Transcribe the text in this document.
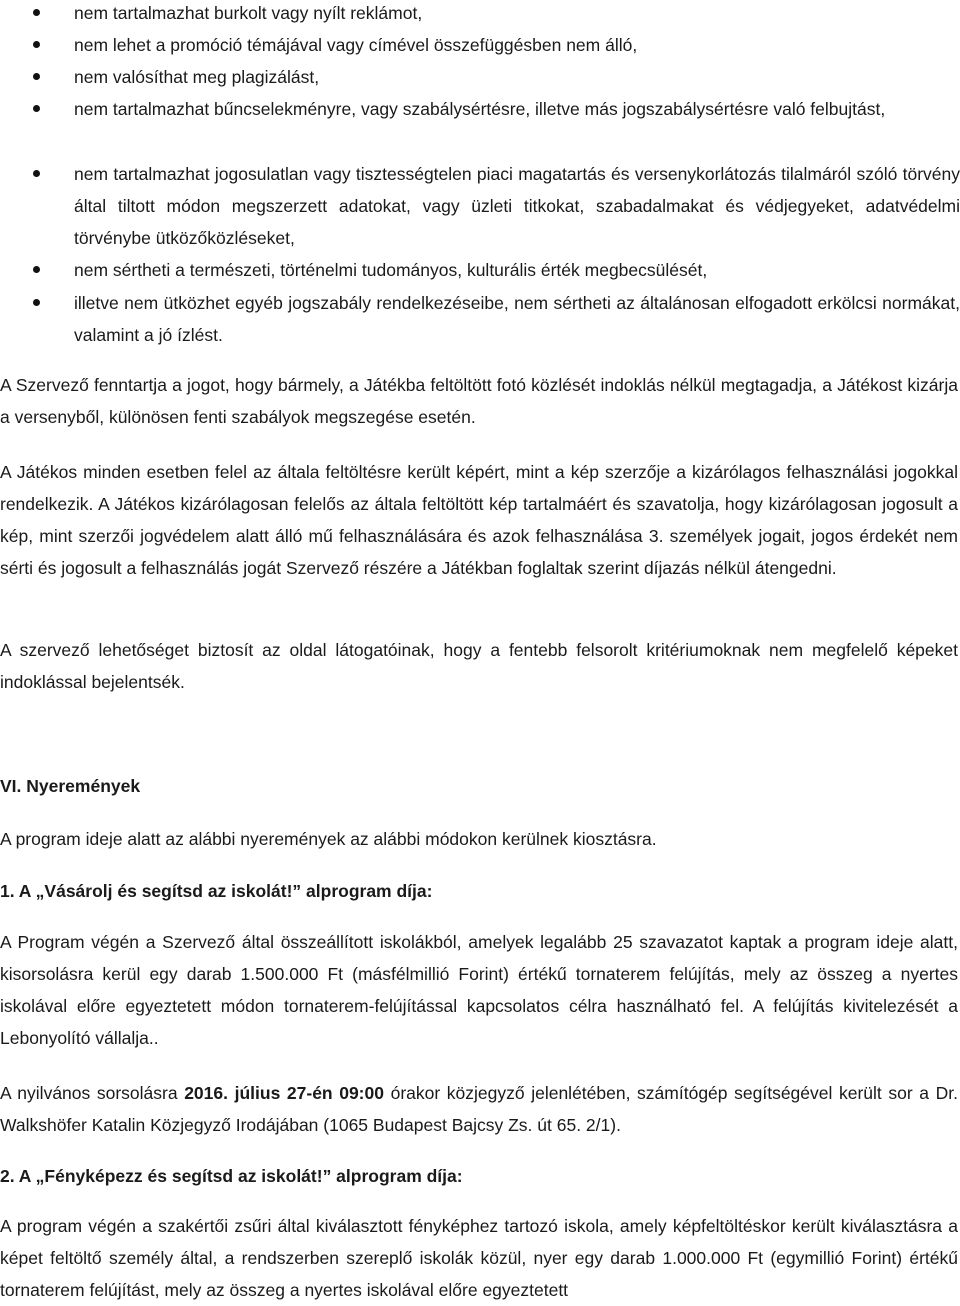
nem tartalmazhat burkolt vagy nyílt reklámot,
nem lehet a promóció témájával vagy címével összefüggésben nem álló,
nem valósíthat meg plagizálást,
nem tartalmazhat bűncselekményre, vagy szabálysértésre, illetve más jogszabálysértésre való felbujtást,
nem tartalmazhat jogosulatlan vagy tisztességtelen piaci magatartás és versenykorlátozás tilalmáról szóló törvény által tiltott módon megszerzett adatokat, vagy üzleti titkokat, szabadalmakat és védjegyeket, adatvédelmi törvénybe ütközőközléseket,
nem sértheti a természeti, történelmi tudományos, kulturális érték megbecsülését,
illetve nem ütközhet egyéb jogszabály rendelkezéseibe, nem sértheti az általánosan elfogadott erkölcsi normákat, valamint a jó ízlést.

A Szervező fenntartja a jogot, hogy bármely, a Játékba feltöltött fotó közlését indoklás nélkül megtagadja, a Játékost kizárja a versenyből, különösen fenti szabályok megszegése esetén.

A Játékos minden esetben felel az általa feltöltésre került képért, mint a kép szerzője a kizárólagos felhasználási jogokkal rendelkezik. A Játékos kizárólagosan felelős az általa feltöltött kép tartalmáért és szavatolja, hogy kizárólagosan jogosult a kép, mint szerzői jogvédelem alatt álló mű felhasználására és azok felhasználása 3. személyek jogait, jogos érdekét nem sérti és jogosult a felhasználás jogát Szervező részére a Játékban foglaltak szerint díjazás nélkül átengedni.

A szervező lehetőséget biztosít az oldal látogatóinak, hogy a fentebb felsorolt kritériumoknak nem megfelelő képeket indoklással bejelentsék.

VI. Nyeremények

A program ideje alatt az alábbi nyeremények az alábbi módokon kerülnek kiosztásra.

1. A „Vásárolj és segítsd az iskolát!” alprogram díja:

A Program végén a Szervező által összeállított iskolákból, amelyek legalább 25 szavazatot kaptak a program ideje alatt, kisorsolásra kerül egy darab 1.500.000 Ft (másfélmillió Forint) értékű tornaterem felújítás, mely az összeg a nyertes iskolával előre egyeztetett módon tornaterem-felújítással kapcsolatos célra használható fel. A felújítás kivitelezését a Lebonyolító vállalja..

A nyilvános sorsolásra 2016. július 27-én 09:00 órakor közjegyző jelenlétében, számítógép segítségével került sor a Dr. Walkshöfer Katalin Közjegyző Irodájában (1065 Budapest Bajcsy Zs. út 65. 2/1).

2. A „Fényképezz és segítsd az iskolát!” alprogram díja:

A program végén a szakértői zsűri által kiválasztott fényképhez tartozó iskola, amely képfeltöltéskor került kiválasztásra a képet feltöltő személy által, a rendszerben szereplő iskolák közül, nyer egy darab 1.000.000 Ft (egymillió Forint) értékű tornaterem felújítást, mely az összeg a nyertes iskolával előre egyeztetett
